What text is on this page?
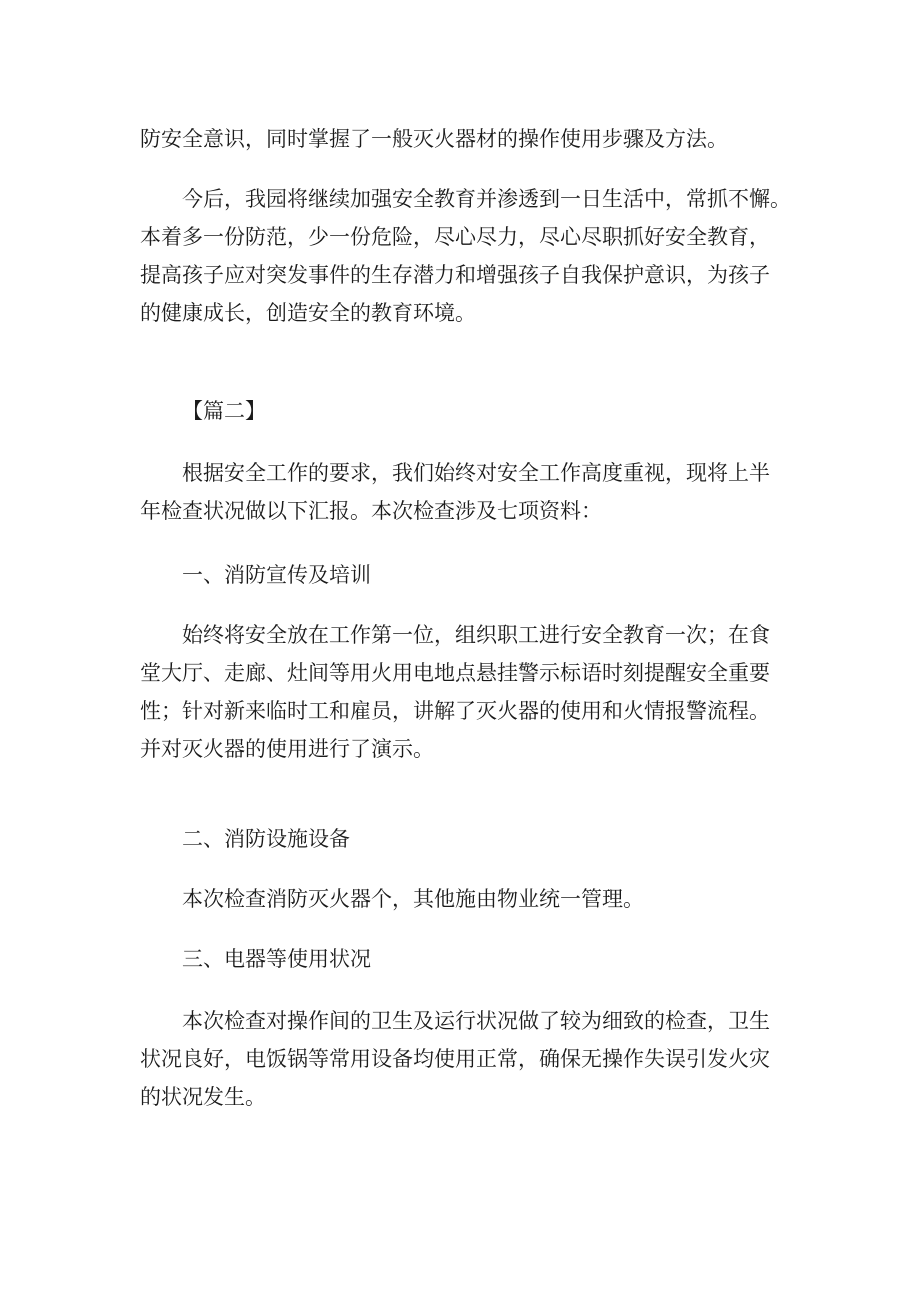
防安全意识，同时掌握了一般灭火器材的操作使用步骤及方法。

今后，我园将继续加强安全教育并渗透到一日生活中，常抓不懈。
本着多一份防范，少一份危险，尽心尽力，尽心尽职抓好安全教育，
提高孩子应对突发事件的生存潜力和增强孩子自我保护意识，为孩子
的健康成长，创造安全的教育环境。

【篇二】

根据安全工作的要求，我们始终对安全工作高度重视，现将上半
年检查状况做以下汇报。本次检查涉及七项资料：

一、消防宣传及培训

始终将安全放在工作第一位，组织职工进行安全教育一次；在食
堂大厅、走廊、灶间等用火用电地点悬挂警示标语时刻提醒安全重要
性；针对新来临时工和雇员，讲解了灭火器的使用和火情报警流程。
并对灭火器的使用进行了演示。

二、消防设施设备

本次检查消防灭火器个，其他施由物业统一管理。

三、电器等使用状况

本次检查对操作间的卫生及运行状况做了较为细致的检查，卫生
状况良好，电饭锅等常用设备均使用正常，确保无操作失误引发火灾
的状况发生。
